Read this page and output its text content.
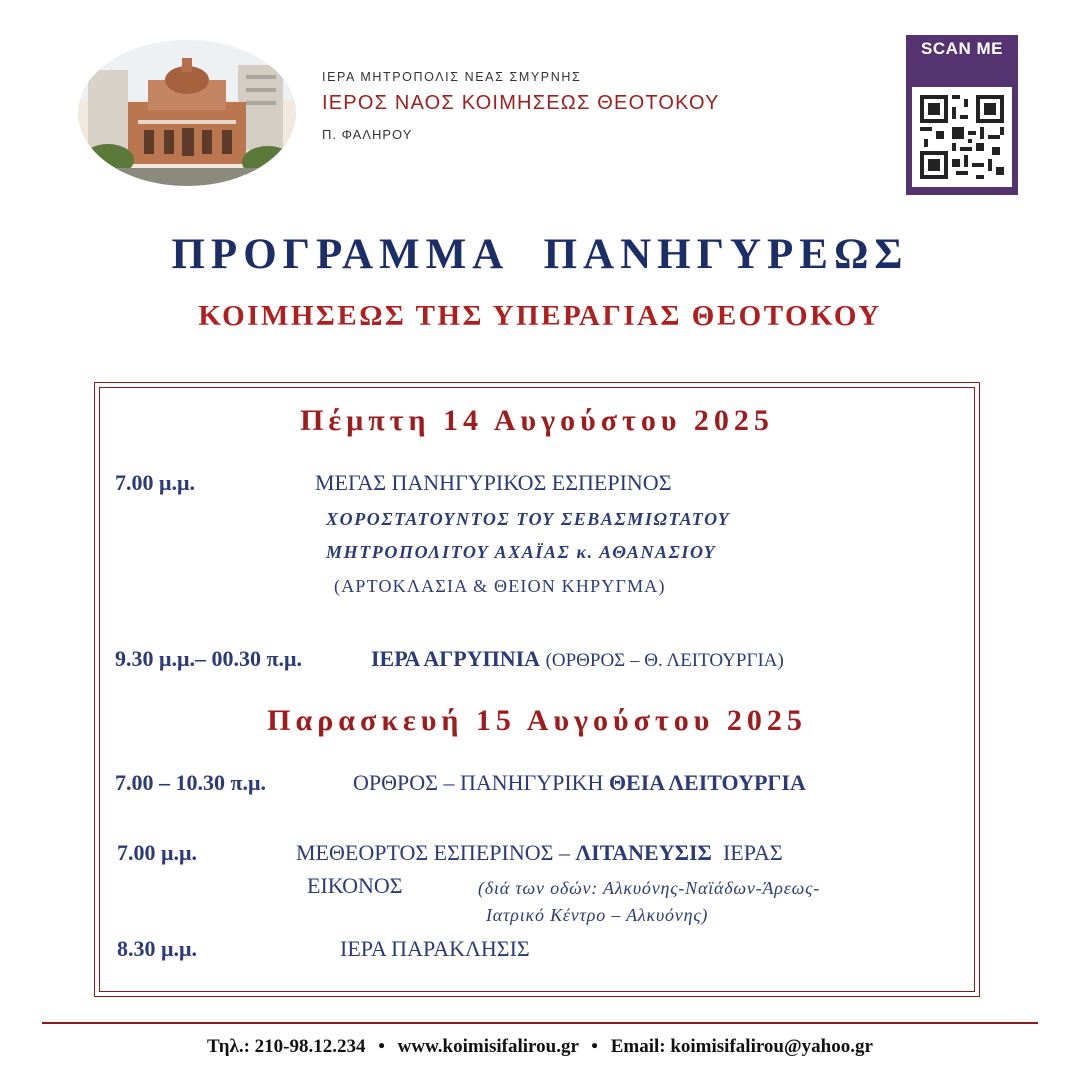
ΙΕΡΑ ΜΗΤΡΟΠΟΛΙΣ ΝΕΑΣ ΣΜΥΡΝΗΣ
ΙΕΡΟΣ ΝΑΟΣ ΚΟΙΜΗΣΕΩΣ ΘΕΟΤΟΚΟΥ
Π. ΦΑΛΗΡΟΥ
SCAN ME
ΠΡΟΓΡΑΜΜΑ ΠΑΝΗΓΥΡΕΩΣ
ΚΟΙΜΗΣΕΩΣ ΤΗΣ ΥΠΕΡΑΓΙΑΣ ΘΕΟΤΟΚΟΥ
Πέμπτη 14 Αυγούστου 2025
7.00 μ.μ.	ΜΕΓΑΣ ΠΑΝΗΓΥΡΙΚΟΣ ΕΣΠΕΡΙΝΟΣ
ΧΟΡΟΣΤΑΤΟΥΝΤΟΣ ΤΟΥ ΣΕΒΑΣΜΙΩΤΑΤΟΥ
ΜΗΤΡΟΠΟΛΙΤΟΥ ΑΧΑΪΑΣ κ. ΑΘΑΝΑΣΙΟΥ
(ΑΡΤΟΚΛΑΣΙΑ & ΘΕΙΟΝ ΚΗΡΥΓΜΑ)
9.30 μ.μ.– 00.30 π.μ.	ΙΕΡΑ ΑΓΡΥΠΝΙΑ (ΟΡΘΡΟΣ – Θ. ΛΕΙΤΟΥΡΓΙΑ)
Παρασκευή 15 Αυγούστου 2025
7.00 – 10.30 π.μ.	ΟΡΘΡΟΣ – ΠΑΝΗΓΥΡΙΚΗ ΘΕΙΑ ΛΕΙΤΟΥΡΓΙΑ
7.00 μ.μ.	ΜΕΘΕΟΡΤΟΣ ΕΣΠΕΡΙΝΟΣ – ΛΙΤΑΝΕΥΣΙΣ  ΙΕΡΑΣ
ΕΙΚΟΝΟΣ	(διά των οδών: Αλκυόνης-Ναϊάδων-Άρεως-
Ιατρικό Κέντρο – Αλκυόνης)
8.30 μ.μ.	ΙΕΡΑ ΠΑΡΑΚΛΗΣΙΣ
Τηλ.: 210-98.12.234 • www.koimisifalirou.gr • Email: koimisifalirou@yahoo.gr
